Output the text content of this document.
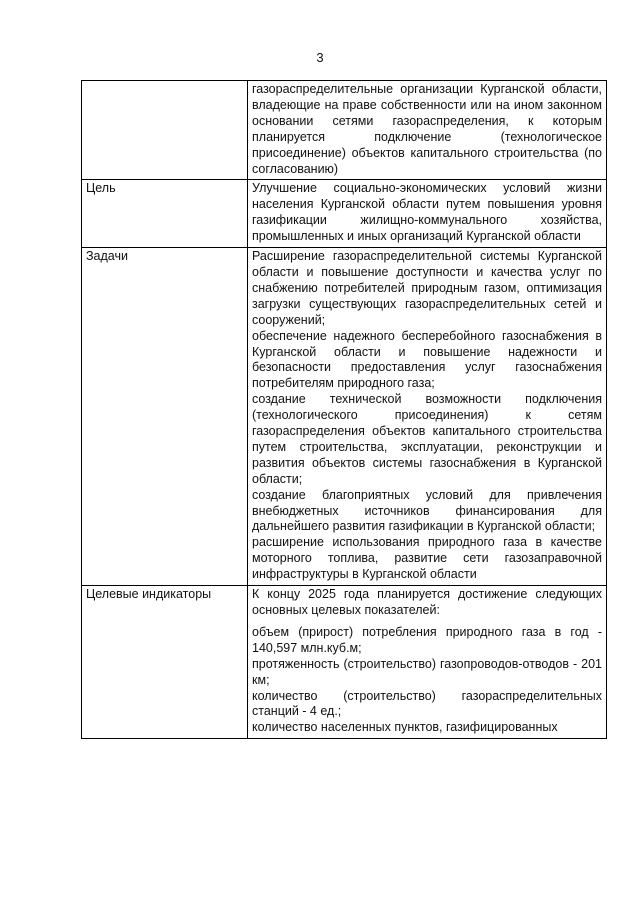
3

	газораспределительные организации Курганской области, владеющие на праве собственности или на ином законном основании сетями газораспределения, к которым планируется подключение (технологическое присоединение) объектов капитального строительства (по согласованию)

Цель	Улучшение социально-экономических условий жизни населения Курганской области путем повышения уровня газификации жилищно-коммунального хозяйства, промышленных и иных организаций Курганской области

Задачи	Расширение газораспределительной системы Курганской области и повышение доступности и качества услуг по снабжению потребителей природным газом, оптимизация загрузки существующих газораспределительных сетей и сооружений;
обеспечение надежного бесперебойного газоснабжения в Курганской области и повышение надежности и безопасности предоставления услуг газоснабжения потребителям природного газа;
создание технической возможности подключения (технологического присоединения) к сетям газораспределения объектов капитального строительства путем строительства, эксплуатации, реконструкции и развития объектов системы газоснабжения в Курганской области;
создание благоприятных условий для привлечения внебюджетных источников финансирования для дальнейшего развития газификации в Курганской области;
расширение использования природного газа в качестве моторного топлива, развитие сети газозаправочной инфраструктуры в Курганской области

Целевые индикаторы	К концу 2025 года планируется достижение следующих основных целевых показателей:
объем (прирост) потребления природного газа в год - 140,597 млн.куб.м;
протяженность (строительство) газопроводов-отводов - 201 км;
количество (строительство) газораспределительных станций - 4 ед.;
количество населенных пунктов, газифицированных
